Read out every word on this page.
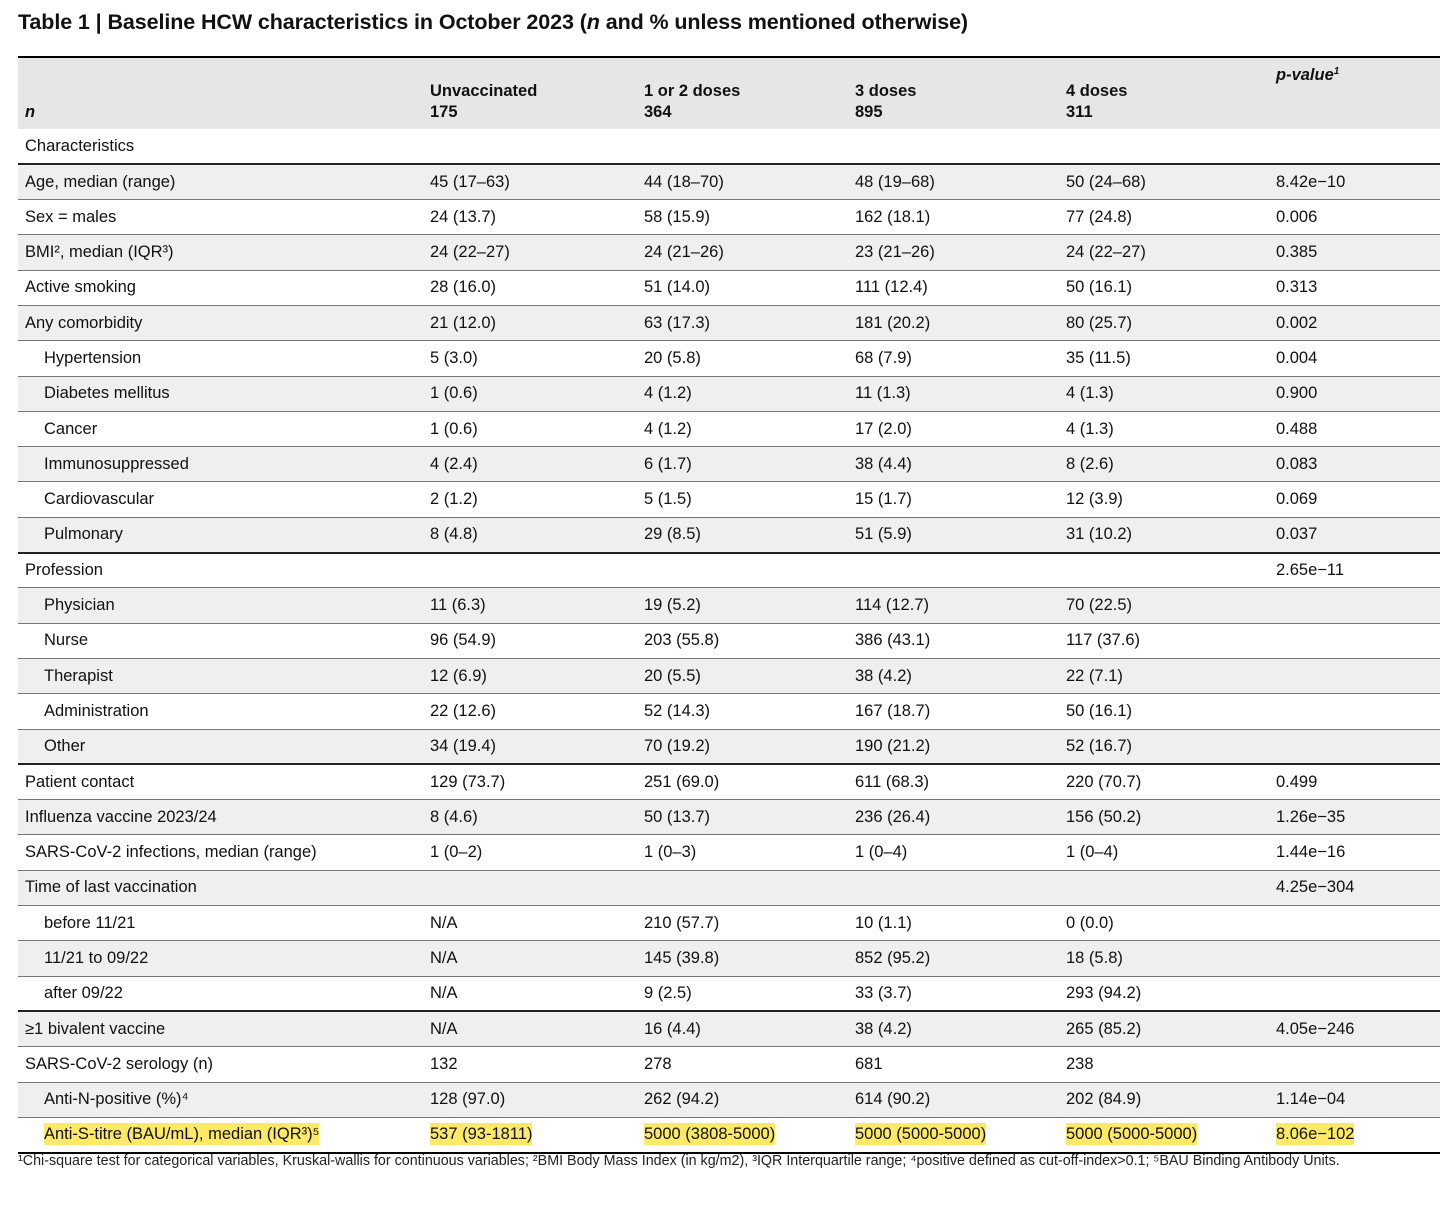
Table 1 | Baseline HCW characteristics in October 2023 (n and % unless mentioned otherwise)
	Unvaccinated	1 or 2 doses	3 doses	4 doses	p-value$^1$
n	175	364	895	311	
Characteristics					
Age, median (range)	45 (17–63)	44 (18–70)	48 (19–68)	50 (24–68)	8.42e−10
Sex = males	24 (13.7)	58 (15.9)	162 (18.1)	77 (24.8)	0.006
BMI², median (IQR³)	24 (22–27)	24 (21–26)	23 (21–26)	24 (22–27)	0.385
Active smoking	28 (16.0)	51 (14.0)	111 (12.4)	50 (16.1)	0.313
Any comorbidity	21 (12.0)	63 (17.3)	181 (20.2)	80 (25.7)	0.002
Hypertension	5 (3.0)	20 (5.8)	68 (7.9)	35 (11.5)	0.004
Diabetes mellitus	1 (0.6)	4 (1.2)	11 (1.3)	4 (1.3)	0.900
Cancer	1 (0.6)	4 (1.2)	17 (2.0)	4 (1.3)	0.488
Immunosuppressed	4 (2.4)	6 (1.7)	38 (4.4)	8 (2.6)	0.083
Cardiovascular	2 (1.2)	5 (1.5)	15 (1.7)	12 (3.9)	0.069
Pulmonary	8 (4.8)	29 (8.5)	51 (5.9)	31 (10.2)	0.037
Profession					2.65e−11
Physician	11 (6.3)	19 (5.2)	114 (12.7)	70 (22.5)	
Nurse	96 (54.9)	203 (55.8)	386 (43.1)	117 (37.6)	
Therapist	12 (6.9)	20 (5.5)	38 (4.2)	22 (7.1)	
Administration	22 (12.6)	52 (14.3)	167 (18.7)	50 (16.1)	
Other	34 (19.4)	70 (19.2)	190 (21.2)	52 (16.7)	
Patient contact	129 (73.7)	251 (69.0)	611 (68.3)	220 (70.7)	0.499
Influenza vaccine 2023/24	8 (4.6)	50 (13.7)	236 (26.4)	156 (50.2)	1.26e−35
SARS-CoV-2 infections, median (range)	1 (0–2)	1 (0–3)	1 (0–4)	1 (0–4)	1.44e−16
Time of last vaccination					4.25e−304
before 11/21	N/A	210 (57.7)	10 (1.1)	0 (0.0)	
11/21 to 09/22	N/A	145 (39.8)	852 (95.2)	18 (5.8)	
after 09/22	N/A	9 (2.5)	33 (3.7)	293 (94.2)	
≥1 bivalent vaccine	N/A	16 (4.4)	38 (4.2)	265 (85.2)	4.05e−246
SARS-CoV-2 serology (n)	132	278	681	238	
Anti-N-positive (%)⁴	128 (97.0)	262 (94.2)	614 (90.2)	202 (84.9)	1.14e−04
Anti-S-titre (BAU/mL), median (IQR³)⁵	537 (93-1811)	5000 (3808-5000)	5000 (5000-5000)	5000 (5000-5000)	8.06e−102
¹Chi-square test for categorical variables, Kruskal-wallis for continuous variables; ²BMI Body Mass Index (in kg/m2), ³IQR Interquartile range; ⁴positive defined as cut-off-index>0.1; ⁵BAU Binding Antibody Units.
